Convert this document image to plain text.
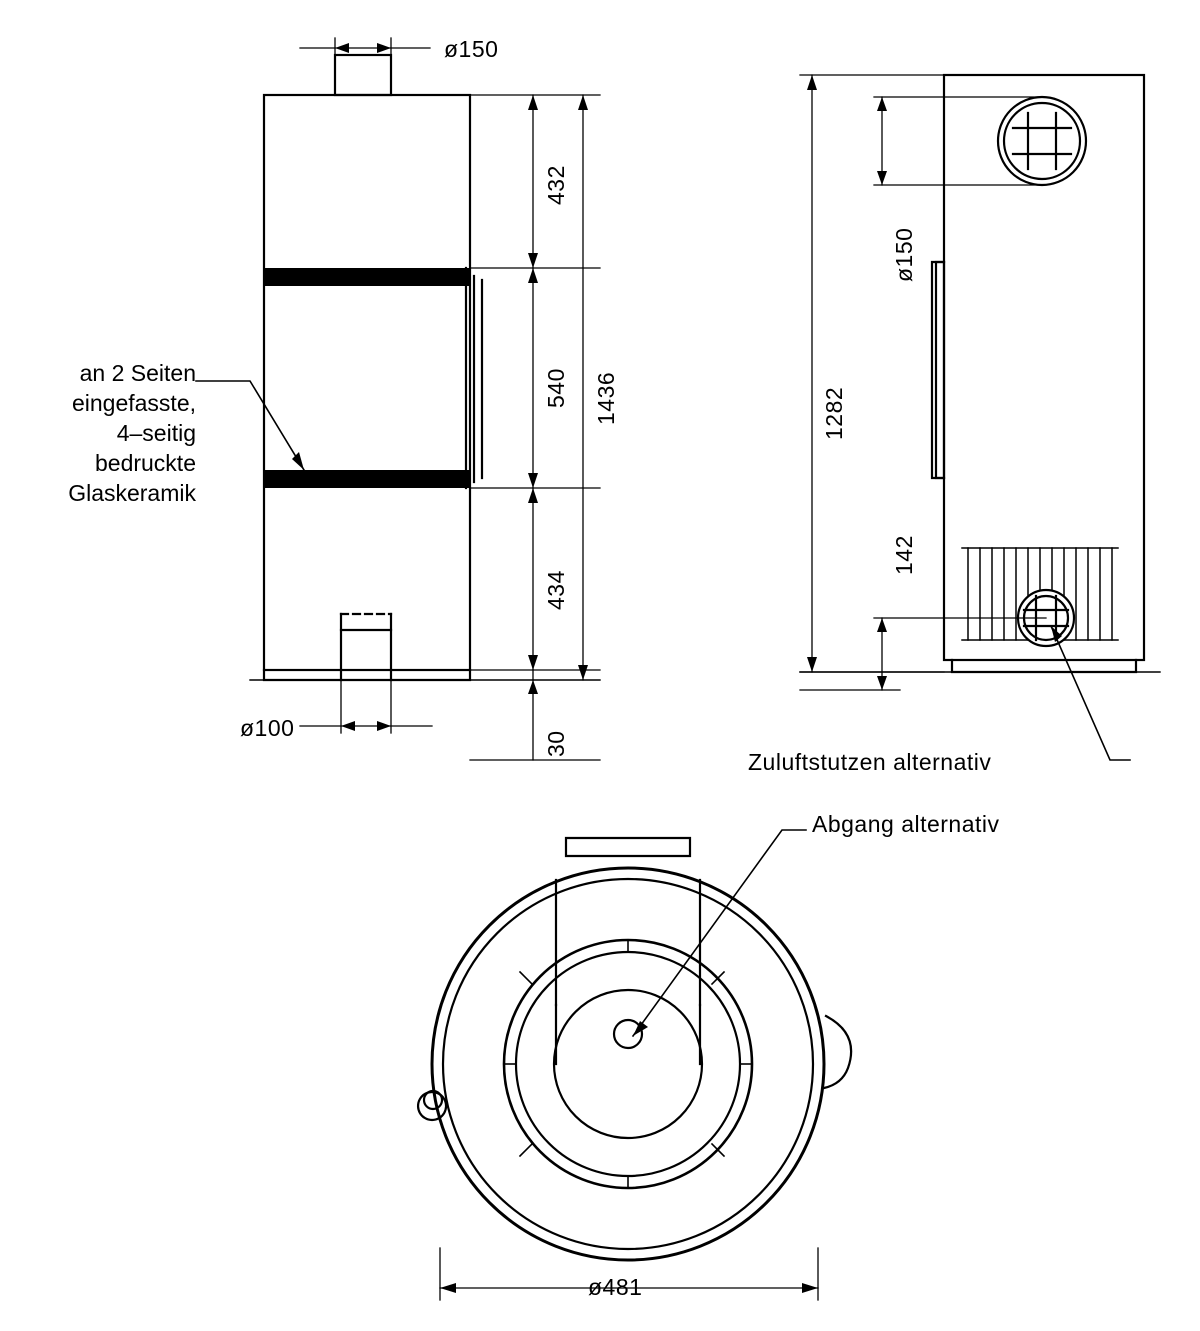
ø150
432
540
434
1436
30
ø100
an 2 Seiten
eingefasste,
4–seitig
bedruckte
Glaskeramik
ø150
1282
142
Zuluftstutzen alternativ
Abgang alternativ
ø481
